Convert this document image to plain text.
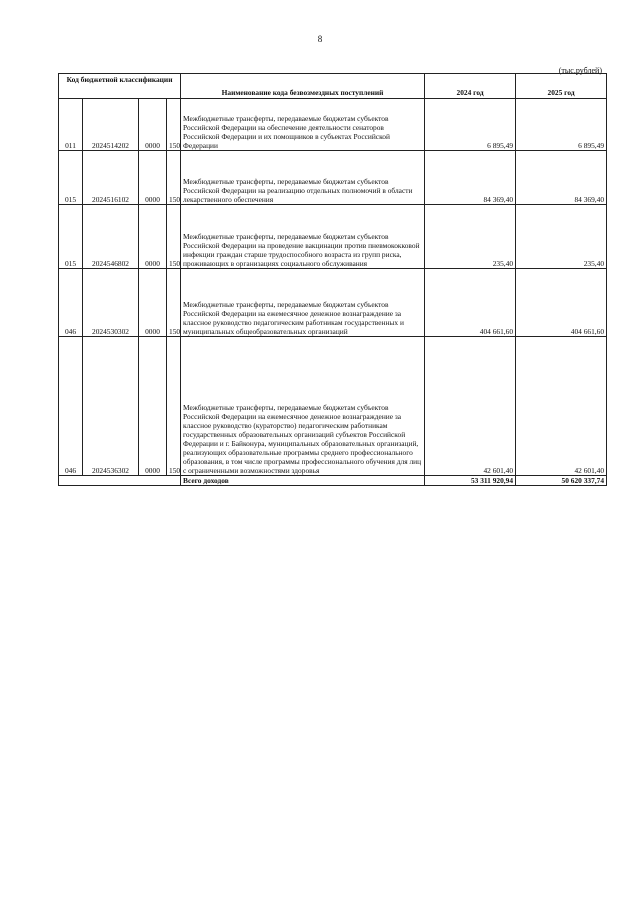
8
(тыс.рублей)
Код бюджетной классификации				Наименование кода безвозмездных поступлений	2024 год	2025 год
011	2024514202	0000	150	Межбюджетные трансферты, передаваемые бюджетам субъектов Российской Федерации на обеспечение деятельности сенаторов Российской Федерации и их помощников в субъектах Российской Федерации	6 895,49	6 895,49
015	2024516102	0000	150	Межбюджетные трансферты, передаваемые бюджетам субъектов Российской Федерации на реализацию отдельных полномочий в области лекарственного обеспечения	84 369,40	84 369,40
015	2024546802	0000	150	Межбюджетные трансферты, передаваемые бюджетам субъектов Российской Федерации на проведение вакцинации против пневмококковой инфекции граждан старше трудоспособного возраста из групп риска, проживающих в организациях социального обслуживания	235,40	235,40
046	2024530302	0000	150	Межбюджетные трансферты, передаваемые бюджетам субъектов Российской Федерации на ежемесячное денежное вознаграждение за классное руководство педагогическим работникам государственных и муниципальных общеобразовательных организаций	404 661,60	404 661,60
046	2024536302	0000	150	Межбюджетные трансферты, передаваемые бюджетам субъектов Российской Федерации на ежемесячное денежное вознаграждение за классное руководство (кураторство) педагогическим работникам государственных образовательных организаций субъектов Российской Федерации и г. Байконура, муниципальных образовательных организаций, реализующих образовательные программы среднего профессионального образования, в том числе программы профессионального обучения для лиц с ограниченными возможностями здоровья	42 601,40	42 601,40
				Всего доходов	53 311 920,94	50 620 337,74
